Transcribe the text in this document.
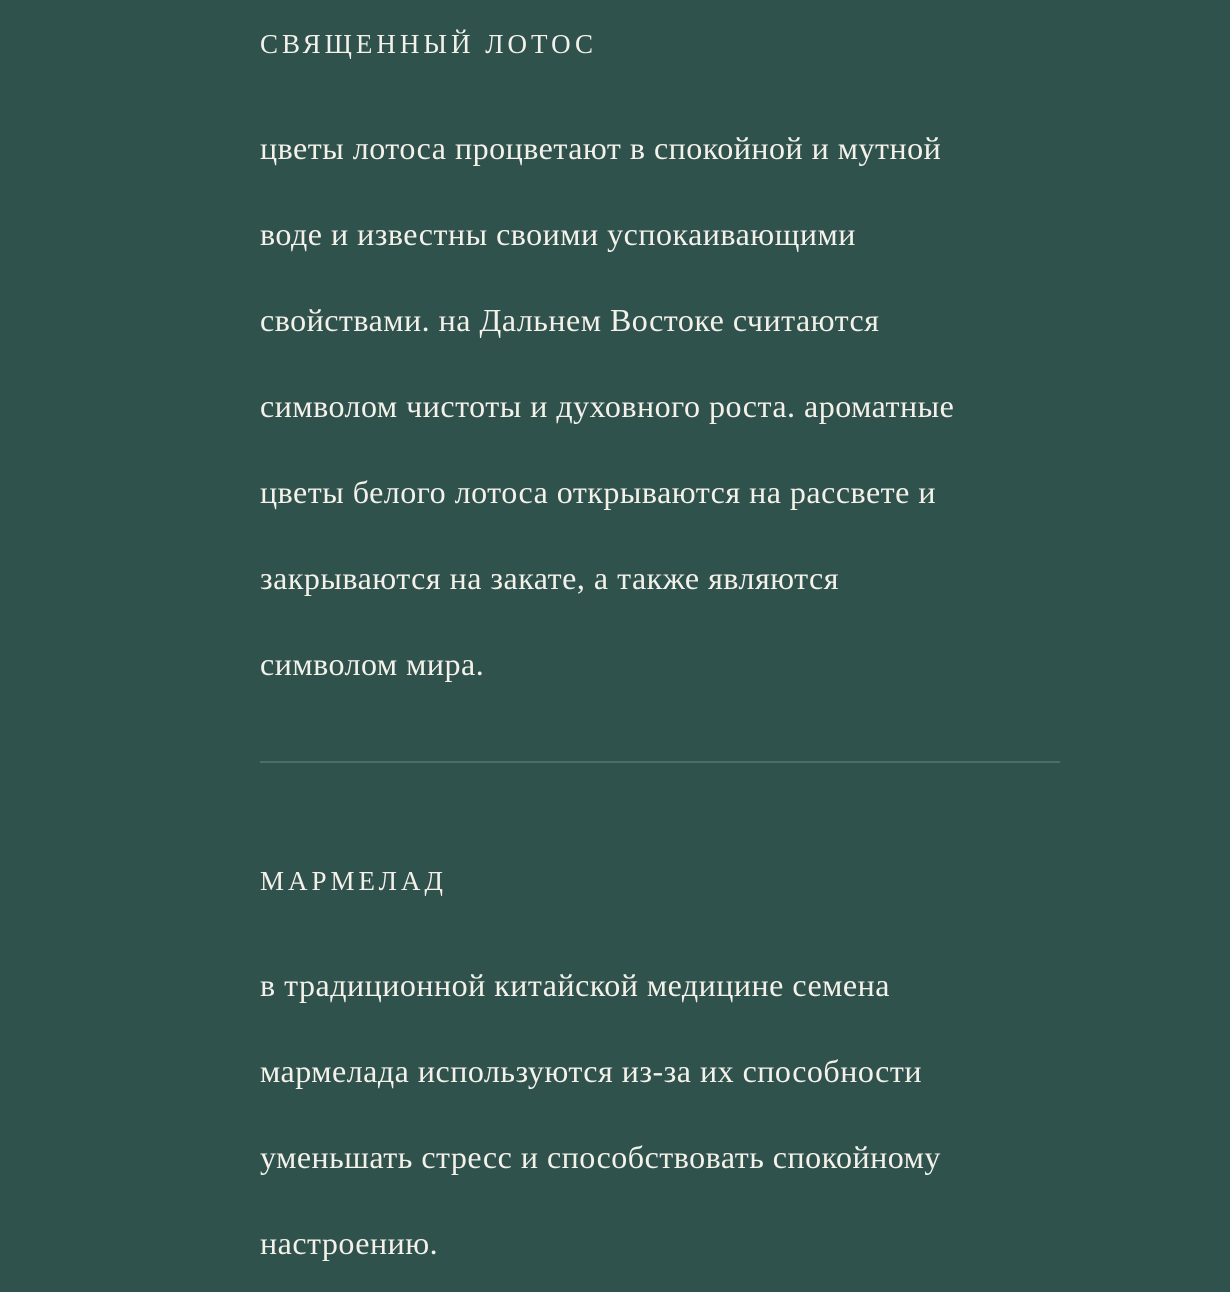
СВЯЩЕННЫЙ ЛОТОС

цветы лотоса процветают в спокойной и мутной
воде и известны своими успокаивающими
свойствами. на Дальнем Востоке считаются
символом чистоты и духовного роста. ароматные
цветы белого лотоса открываются на рассвете и
закрываются на закате, а также являются
символом мира.

МАРМЕЛАД

в традиционной китайской медицине семена
мармелада используются из-за их способности
уменьшать стресс и способствовать спокойному
настроению.
